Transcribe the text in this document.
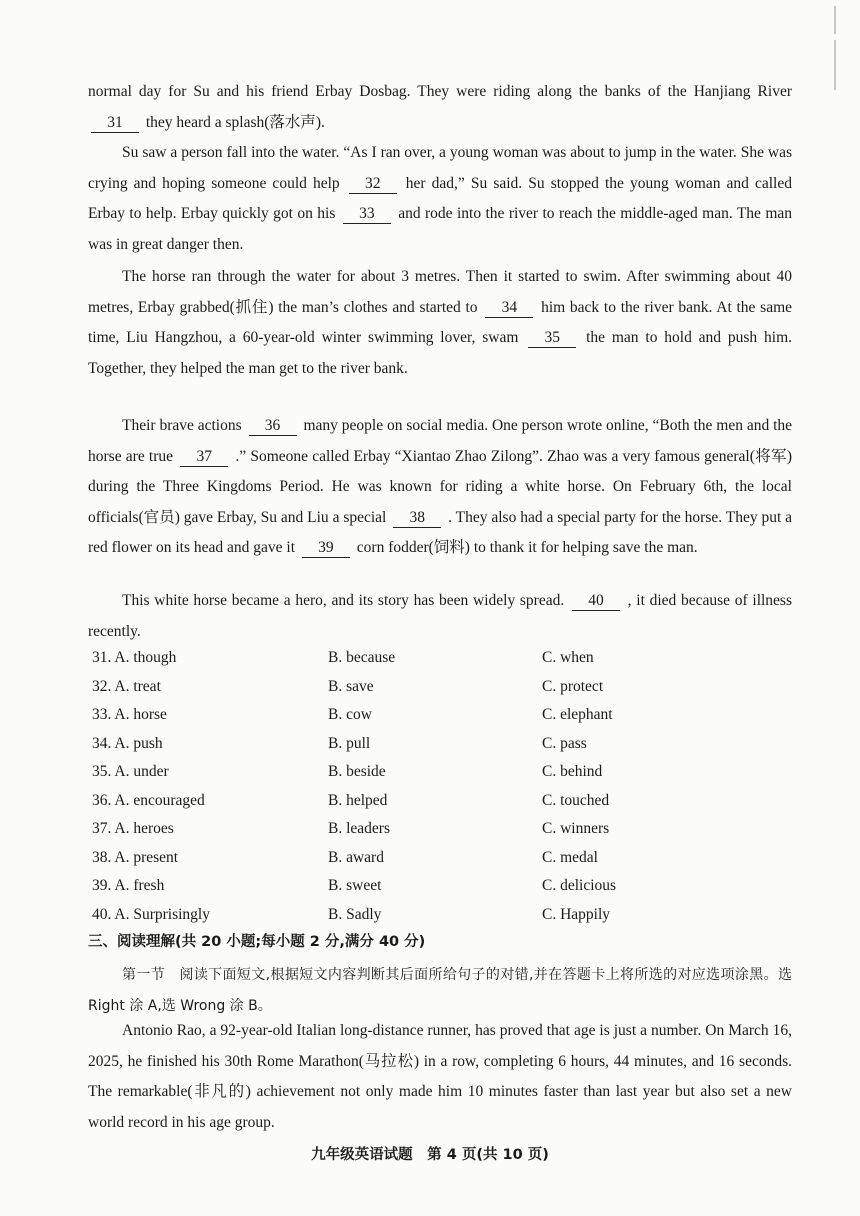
normal day for Su and his friend Erbay Dosbag. They were riding along the banks of the Hanjiang River 31 they heard a splash(落水声).

Su saw a person fall into the water. “As I ran over, a young woman was about to jump in the water. She was crying and hoping someone could help 32 her dad,” Su said. Su stopped the young woman and called Erbay to help. Erbay quickly got on his 33 and rode into the river to reach the middle-aged man. The man was in great danger then.

The horse ran through the water for about 3 metres. Then it started to swim. After swimming about 40 metres, Erbay grabbed(抓住) the man’s clothes and started to 34 him back to the river bank. At the same time, Liu Hangzhou, a 60-year-old winter swimming lover, swam 35 the man to hold and push him. Together, they helped the man get to the river bank.

Their brave actions 36 many people on social media. One person wrote online, “Both the men and the horse are true 37 .” Someone called Erbay “Xiantao Zhao Zilong”. Zhao was a very famous general(将军) during the Three Kingdoms Period. He was known for riding a white horse. On February 6th, the local officials(官员) gave Erbay, Su and Liu a special 38 . They also had a special party for the horse. They put a red flower on its head and gave it 39 corn fodder(饲料) to thank it for helping save the man.

This white horse became a hero, and its story has been widely spread. 40 , it died because of illness recently.

31. A. though	B. because	C. when
32. A. treat	B. save	C. protect
33. A. horse	B. cow	C. elephant
34. A. push	B. pull	C. pass
35. A. under	B. beside	C. behind
36. A. encouraged	B. helped	C. touched
37. A. heroes	B. leaders	C. winners
38. A. present	B. award	C. medal
39. A. fresh	B. sweet	C. delicious
40. A. Surprisingly	B. Sadly	C. Happily
三、阅读理解(共 20 小题;每小题 2 分,满分 40 分)

第一节　阅读下面短文,根据短文内容判断其后面所给句子的对错,并在答题卡上将所选的对应选项涂黑。选 Right 涂 A,选 Wrong 涂 B。

Antonio Rao, a 92-year-old Italian long-distance runner, has proved that age is just a number. On March 16, 2025, he finished his 30th Rome Marathon(马拉松) in a row, completing 6 hours, 44 minutes, and 16 seconds. The remarkable(非凡的) achievement not only made him 10 minutes faster than last year but also set a new world record in his age group.

九年级英语试题　第 4 页(共 10 页)
